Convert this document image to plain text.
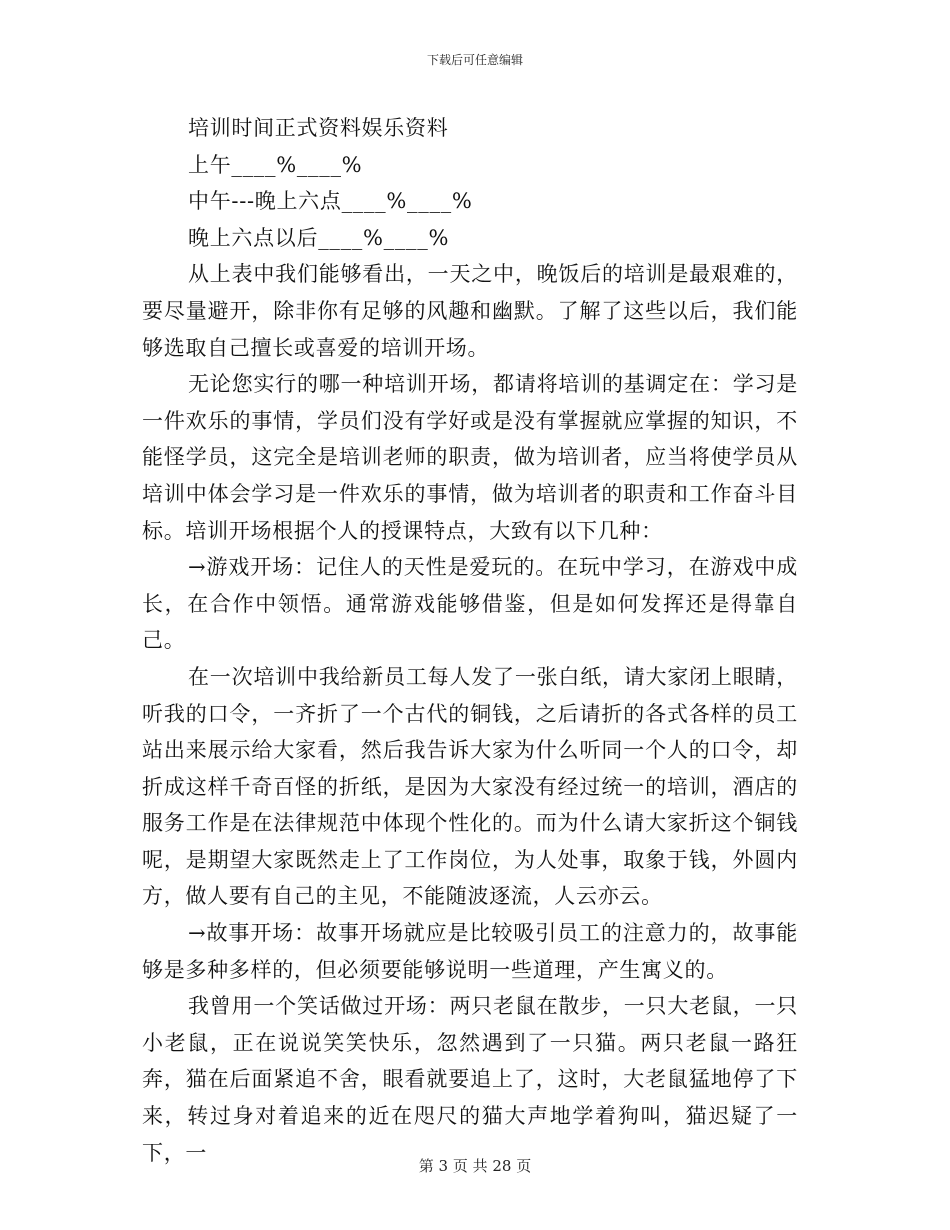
下载后可任意编辑

培训时间正式资料娱乐资料

上午____%____%

中午---晚上六点____%____%

晚上六点以后____%____%

从上表中我们能够看出，一天之中，晚饭后的培训是最艰难的，要尽量避开，除非你有足够的风趣和幽默。了解了这些以后，我们能够选取自己擅长或喜爱的培训开场。

无论您实行的哪一种培训开场，都请将培训的基调定在：学习是一件欢乐的事情，学员们没有学好或是没有掌握就应掌握的知识，不能怪学员，这完全是培训老师的职责，做为培训者，应当将使学员从培训中体会学习是一件欢乐的事情，做为培训者的职责和工作奋斗目标。培训开场根据个人的授课特点，大致有以下几种：

→游戏开场：记住人的天性是爱玩的。在玩中学习，在游戏中成长，在合作中领悟。通常游戏能够借鉴，但是如何发挥还是得靠自己。

在一次培训中我给新员工每人发了一张白纸，请大家闭上眼睛，听我的口令，一齐折了一个古代的铜钱，之后请折的各式各样的员工站出来展示给大家看，然后我告诉大家为什么听同一个人的口令，却折成这样千奇百怪的折纸，是因为大家没有经过统一的培训，酒店的服务工作是在法律规范中体现个性化的。而为什么请大家折这个铜钱呢，是期望大家既然走上了工作岗位，为人处事，取象于钱，外圆内方，做人要有自己的主见，不能随波逐流，人云亦云。

→故事开场：故事开场就应是比较吸引员工的注意力的，故事能够是多种多样的，但必须要能够说明一些道理，产生寓义的。

我曾用一个笑话做过开场：两只老鼠在散步，一只大老鼠，一只小老鼠，正在说说笑笑快乐，忽然遇到了一只猫。两只老鼠一路狂奔，猫在后面紧追不舍，眼看就要追上了，这时，大老鼠猛地停了下来，转过身对着追来的近在咫尺的猫大声地学着狗叫，猫迟疑了一下，一

第 3 页 共 28 页
